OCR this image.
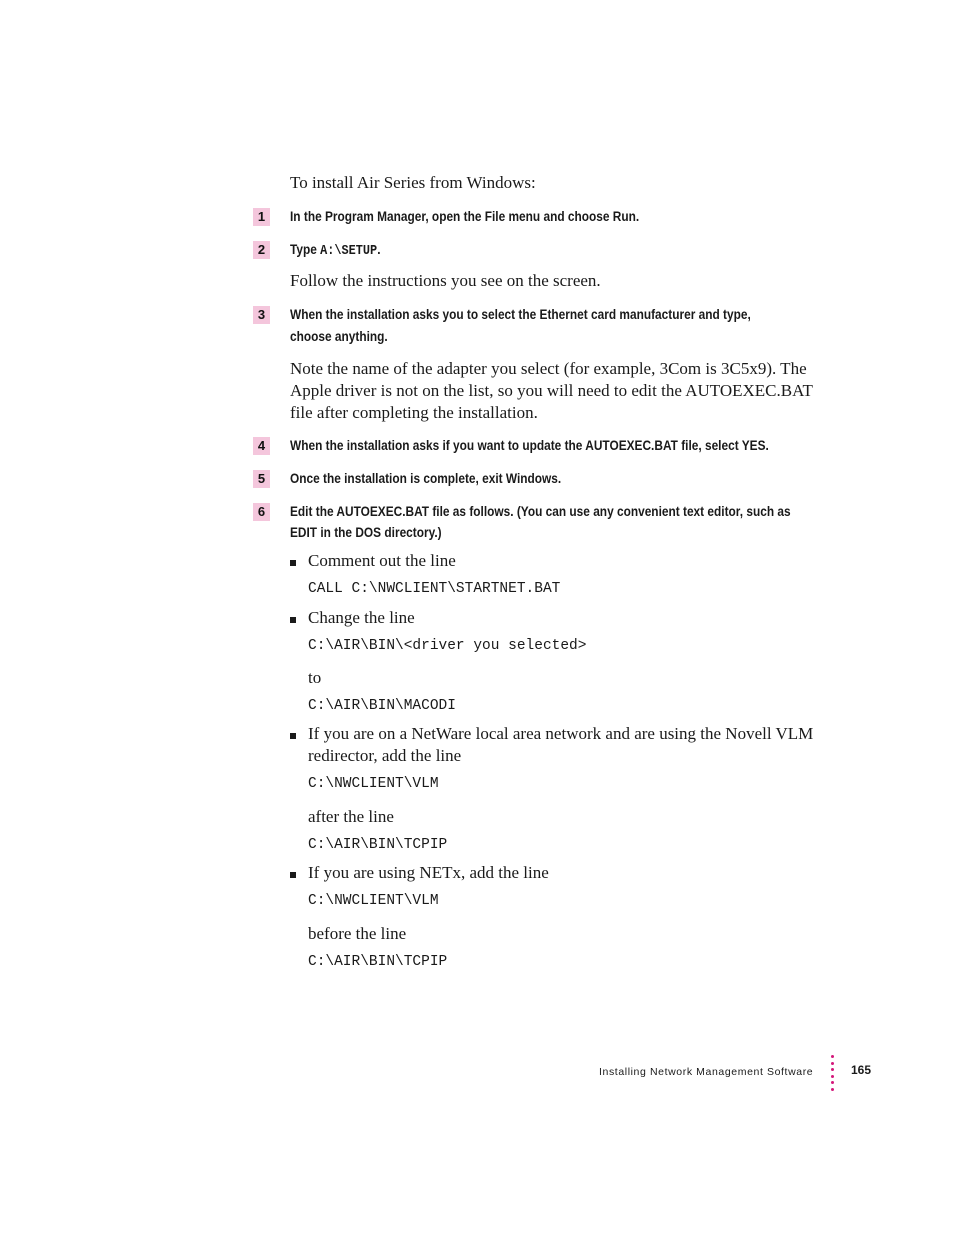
To install Air Series from Windows:
1	In the Program Manager, open the File menu and choose Run.
2	Type A:\SETUP.
Follow the instructions you see on the screen.
3	When the installation asks you to select the Ethernet card manufacturer and type,
choose anything.
Note the name of the adapter you select (for example, 3Com is 3C5x9). The
Apple driver is not on the list, so you will need to edit the AUTOEXEC.BAT
file after completing the installation.
4	When the installation asks if you want to update the AUTOEXEC.BAT file, select YES.
5	Once the installation is complete, exit Windows.
6	Edit the AUTOEXEC.BAT file as follows. (You can use any convenient text editor, such as
EDIT in the DOS directory.)
Comment out the line
CALL C:\NWCLIENT\STARTNET.BAT
Change the line
C:\AIR\BIN\<driver you selected>
to
C:\AIR\BIN\MACODI
If you are on a NetWare local area network and are using the Novell VLM
redirector, add the line
C:\NWCLIENT\VLM
after the line
C:\AIR\BIN\TCPIP
If you are using NETx, add the line
C:\NWCLIENT\VLM
before the line
C:\AIR\BIN\TCPIP
Installing Network Management Software	165
